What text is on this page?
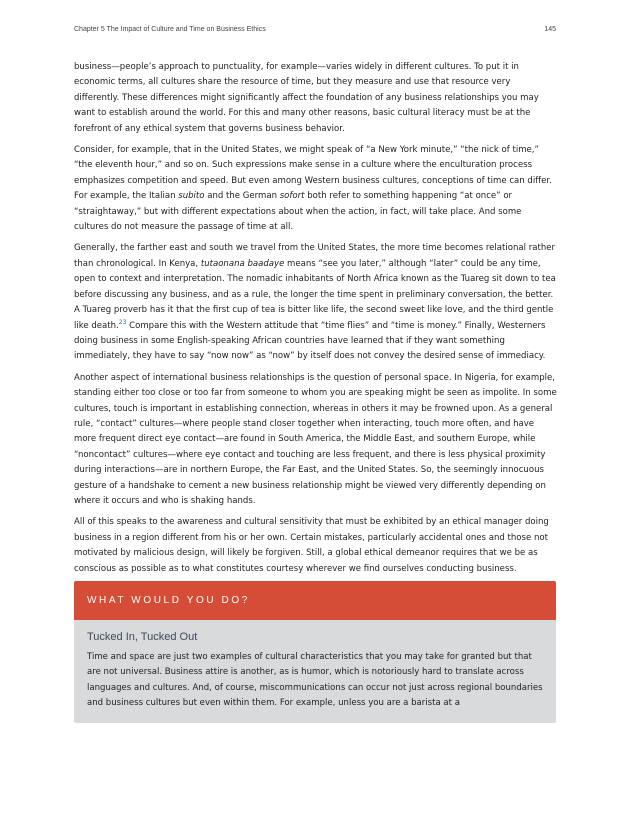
Chapter 5 The Impact of Culture and Time on Business Ethics	145

business—people’s approach to punctuality, for example—varies widely in different cultures. To put it in economic terms, all cultures share the resource of time, but they measure and use that resource very differently. These differences might significantly affect the foundation of any business relationships you may want to establish around the world. For this and many other reasons, basic cultural literacy must be at the forefront of any ethical system that governs business behavior.

Consider, for example, that in the United States, we might speak of “a New York minute,” “the nick of time,” “the eleventh hour,” and so on. Such expressions make sense in a culture where the enculturation process emphasizes competition and speed. But even among Western business cultures, conceptions of time can differ. For example, the Italian subito and the German sofort both refer to something happening “at once” or “straightaway,” but with different expectations about when the action, in fact, will take place. And some cultures do not measure the passage of time at all.

Generally, the farther east and south we travel from the United States, the more time becomes relational rather than chronological. In Kenya, tutaonana baadaye means “see you later,” although “later” could be any time, open to context and interpretation. The nomadic inhabitants of North Africa known as the Tuareg sit down to tea before discussing any business, and as a rule, the longer the time spent in preliminary conversation, the better. A Tuareg proverb has it that the first cup of tea is bitter like life, the second sweet like love, and the third gentle like death.$^{23}$ Compare this with the Western attitude that “time flies” and “time is money.” Finally, Westerners doing business in some English-speaking African countries have learned that if they want something immediately, they have to say “now now” as “now” by itself does not convey the desired sense of immediacy.

Another aspect of international business relationships is the question of personal space. In Nigeria, for example, standing either too close or too far from someone to whom you are speaking might be seen as impolite. In some cultures, touch is important in establishing connection, whereas in others it may be frowned upon. As a general rule, “contact” cultures—where people stand closer together when interacting, touch more often, and have more frequent direct eye contact—are found in South America, the Middle East, and southern Europe, while “noncontact” cultures—where eye contact and touching are less frequent, and there is less physical proximity during interactions—are in northern Europe, the Far East, and the United States. So, the seemingly innocuous gesture of a handshake to cement a new business relationship might be viewed very differently depending on where it occurs and who is shaking hands.

All of this speaks to the awareness and cultural sensitivity that must be exhibited by an ethical manager doing business in a region different from his or her own. Certain mistakes, particularly accidental ones and those not motivated by malicious design, will likely be forgiven. Still, a global ethical demeanor requires that we be as conscious as possible as to what constitutes courtesy wherever we find ourselves conducting business.

WHAT WOULD YOU DO?
Tucked In, Tucked Out

Time and space are just two examples of cultural characteristics that you may take for granted but that are not universal. Business attire is another, as is humor, which is notoriously hard to translate across languages and cultures. And, of course, miscommunications can occur not just across regional boundaries and business cultures but even within them. For example, unless you are a barista at a
